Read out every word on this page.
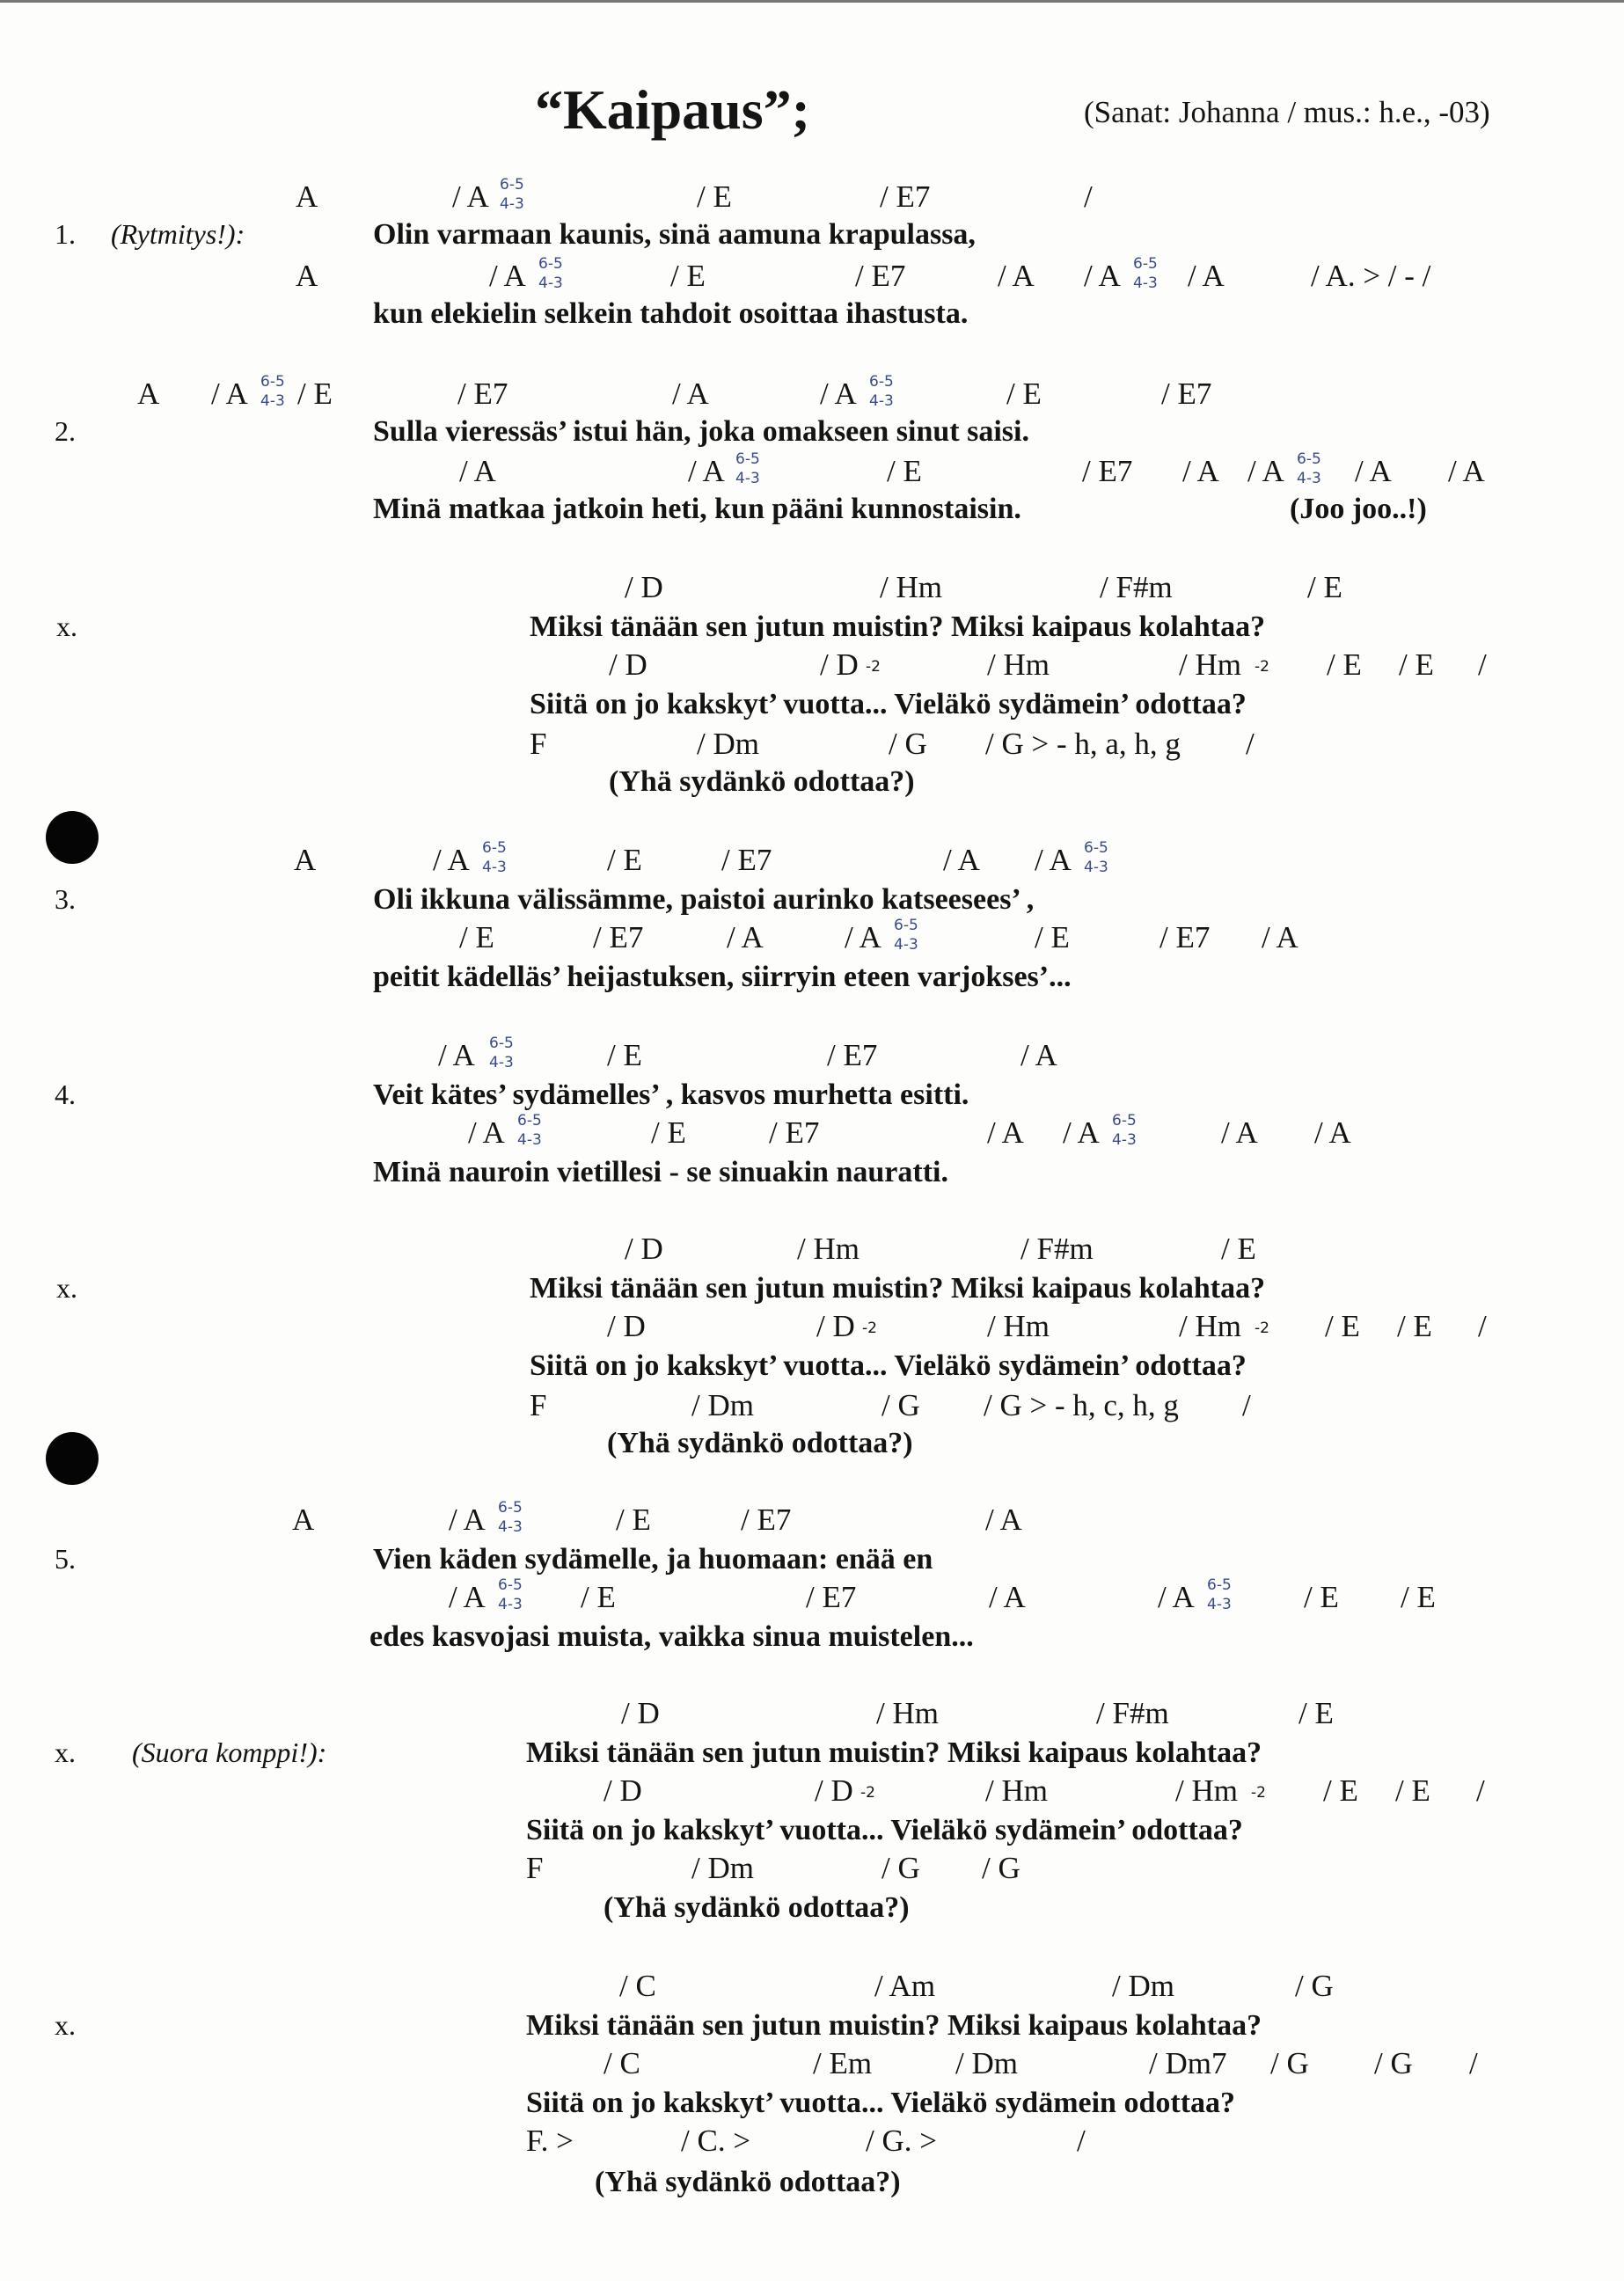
“Kaipaus”;	(Sanat: Johanna / mus.: h.e., -03)
1. (Rytmitys!):
A	/ A 6-5
4-3	/ E	/ E7	/
Olin varmaan kaunis, sinä aamuna krapulassa,
A	/ A 6-5
4-3	/ E	/ E7	/ A / A 6-5
4-3 / A	/ A. > / - /
kun elekielin selkein tahdoit osoittaa ihastusta.
A / A 6-5
4-3 / E	/ E7	/ A	/ A 6-5
4-3	/ E	/ E7
2.	Sulla vieressäs’ istui hän, joka omakseen sinut saisi.
/ A	/ A 6-5
4-3	/ E	/ E7 / A / A 6-5
4-3 / A / A
Minä matkaa jatkoin heti, kun pääni kunnostaisin.	(Joo joo..!)
/ D	/ Hm	/ F#m	/ E
x.	Miksi tänään sen jutun muistin? Miksi kaipaus kolahtaa?
/ D	/ D -2	/ Hm	/ Hm -2 / E / E /
Siitä on jo kakskyt’ vuotta... Vieläkö sydämein’ odottaa?
F	/ Dm	/ G / G > - h, a, h, g /
(Yhä sydänkö odottaa?)
A	/ A 6-5
4-3	/ E	/ E7	/ A / A 6-5
4-3
3.	Oli ikkuna välissämme, paistoi aurinko katseesees’ ,
/ E	/ E7	/ A	/ A 6-5
4-3	/ E	/ E7 / A
peitit kädelläs’ heijastuksen, siirryin eteen varjokses’...
/ A 6-5
4-3	/ E	/ E7	/ A
4.	Veit kätes’ sydämelles’ , kasvos murhetta esitti.
/ A 6-5
4-3	/ E	/ E7	/ A / A 6-5
4-3	/ A / A
Minä nauroin vietillesi - se sinuakin nauratti.
/ D	/ Hm	/ F#m	/ E
x.	Miksi tänään sen jutun muistin? Miksi kaipaus kolahtaa?
/ D	/ D -2	/ Hm	/ Hm -2 / E / E /
Siitä on jo kakskyt’ vuotta... Vieläkö sydämein’ odottaa?
F	/ Dm	/ G / G > - h, c, h, g /
(Yhä sydänkö odottaa?)
A	/ A 6-5
4-3	/ E	/ E7	/ A
5.	Vien käden sydämelle, ja huomaan: enää en
/ A 6-5
4-3 / E	/ E7	/ A	/ A 6-5
4-3 / E / E
edes kasvojasi muista, vaikka sinua muistelen...
/ D	/ Hm	/ F#m	/ E
x. (Suora komppi!):	Miksi tänään sen jutun muistin? Miksi kaipaus kolahtaa?
/ D	/ D -2	/ Hm	/ Hm -2 / E / E /
Siitä on jo kakskyt’ vuotta... Vieläkö sydämein’ odottaa?
F	/ Dm	/ G / G
(Yhä sydänkö odottaa?)
/ C	/ Am	/ Dm	/ G
x.	Miksi tänään sen jutun muistin? Miksi kaipaus kolahtaa?
/ C	/ Em	/ Dm	/ Dm7 / G / G /
Siitä on jo kakskyt’ vuotta... Vieläkö sydämein odottaa?
F. >	/ C. >	/ G. >	/
(Yhä sydänkö odottaa?)
